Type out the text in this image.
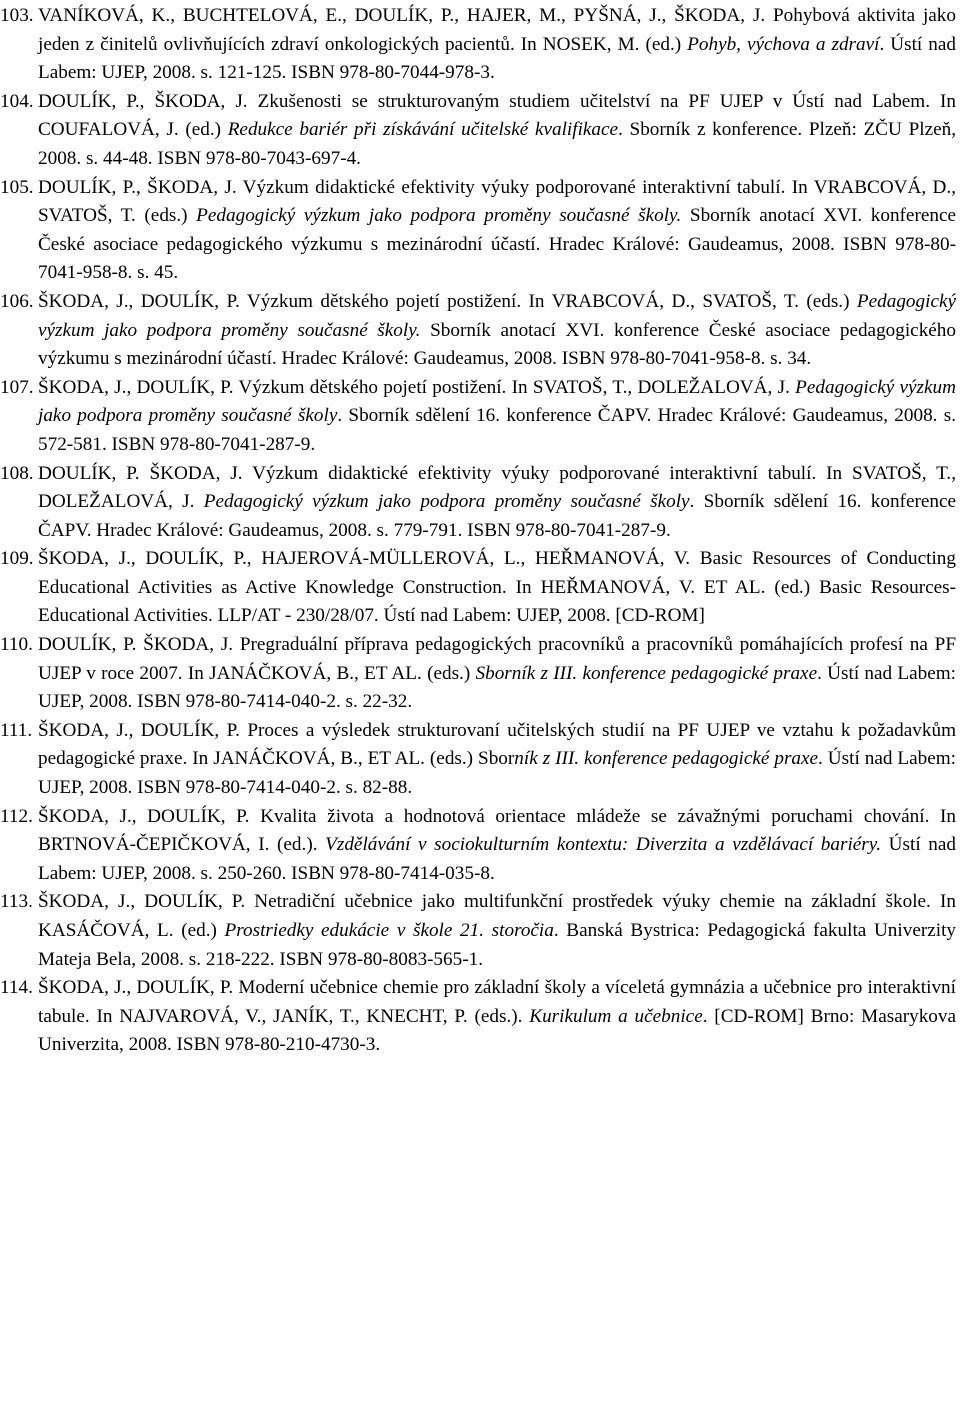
103. VANÍKOVÁ, K., BUCHTELOVÁ, E., DOULÍK, P., HAJER, M., PYŠNÁ, J., ŠKODA, J. Pohybová aktivita jako jeden z činitelů ovlivňujících zdraví onkologických pacientů. In NOSEK, M. (ed.) Pohyb, výchova a zdraví. Ústí nad Labem: UJEP, 2008. s. 121-125. ISBN 978-80-7044-978-3.
104. DOULÍK, P., ŠKODA, J. Zkušenosti se strukturovaným studiem učitelství na PF UJEP v Ústí nad Labem. In COUFALOVÁ, J. (ed.) Redukce bariér při získávání učitelské kvalifikace. Sborník z konference. Plzeň: ZČU Plzeň, 2008. s. 44-48. ISBN 978-80-7043-697-4.
105. DOULÍK, P., ŠKODA, J. Výzkum didaktické efektivity výuky podporované interaktivní tabulí. In VRABCOVÁ, D., SVATOŠ, T. (eds.) Pedagogický výzkum jako podpora proměny současné školy. Sborník anotací XVI. konference České asociace pedagogického výzkumu s mezinárodní účastí. Hradec Králové: Gaudeamus, 2008. ISBN 978-80-7041-958-8. s. 45.
106. ŠKODA, J., DOULÍK, P. Výzkum dětského pojetí postižení. In VRABCOVÁ, D., SVATOŠ, T. (eds.) Pedagogický výzkum jako podpora proměny současné školy. Sborník anotací XVI. konference České asociace pedagogického výzkumu s mezinárodní účastí. Hradec Králové: Gaudeamus, 2008. ISBN 978-80-7041-958-8. s. 34.
107. ŠKODA, J., DOULÍK, P. Výzkum dětského pojetí postižení. In SVATOŠ, T., DOLEŽALOVÁ, J. Pedagogický výzkum jako podpora proměny současné školy. Sborník sdělení 16. konference ČAPV. Hradec Králové: Gaudeamus, 2008. s. 572-581. ISBN 978-80-7041-287-9.
108. DOULÍK, P. ŠKODA, J. Výzkum didaktické efektivity výuky podporované interaktivní tabulí. In SVATOŠ, T., DOLEŽALOVÁ, J. Pedagogický výzkum jako podpora proměny současné školy. Sborník sdělení 16. konference ČAPV. Hradec Králové: Gaudeamus, 2008. s. 779-791. ISBN 978-80-7041-287-9.
109. ŠKODA, J., DOULÍK, P., HAJEROVÁ-MÜLLEROVÁ, L., HEŘMANOVÁ, V. Basic Resources of Conducting Educational Activities as Active Knowledge Construction. In HEŘMANOVÁ, V. ET AL. (ed.) Basic Resources-Educational Activities. LLP/AT - 230/28/07. Ústí nad Labem: UJEP, 2008. [CD-ROM]
110. DOULÍK, P. ŠKODA, J. Pregraduální příprava pedagogických pracovníků a pracovníků pomáhajících profesí na PF UJEP v roce 2007. In JANÁČKOVÁ, B., ET AL. (eds.) Sborník z III. konference pedagogické praxe. Ústí nad Labem: UJEP, 2008. ISBN 978-80-7414-040-2. s. 22-32.
111. ŠKODA, J., DOULÍK, P. Proces a výsledek strukturovaní učitelských studií na PF UJEP ve vztahu k požadavkům pedagogické praxe. In JANÁČKOVÁ, B., ET AL. (eds.) Sborník z III. konference pedagogické praxe. Ústí nad Labem: UJEP, 2008. ISBN 978-80-7414-040-2. s. 82-88.
112. ŠKODA, J., DOULÍK, P. Kvalita života a hodnotová orientace mládeže se závažnými poruchami chování. In BRTNOVÁ-ČEPIČKOVÁ, I. (ed.). Vzdělávání v sociokulturním kontextu: Diverzita a vzdělávací bariéry. Ústí nad Labem: UJEP, 2008. s. 250-260. ISBN 978-80-7414-035-8.
113. ŠKODA, J., DOULÍK, P. Netradiční učebnice jako multifunkční prostředek výuky chemie na základní škole. In KASÁČOVÁ, L. (ed.) Prostriedky edukácie v škole 21. storočia. Banská Bystrica: Pedagogická fakulta Univerzity Mateja Bela, 2008. s. 218-222. ISBN 978-80-8083-565-1.
114. ŠKODA, J., DOULÍK, P. Moderní učebnice chemie pro základní školy a víceletá gymnázia a učebnice pro interaktivní tabule. In NAJVAROVÁ, V., JANÍK, T., KNECHT, P. (eds.). Kurikulum a učebnice. [CD-ROM] Brno: Masarykova Univerzita, 2008. ISBN 978-80-210-4730-3.
